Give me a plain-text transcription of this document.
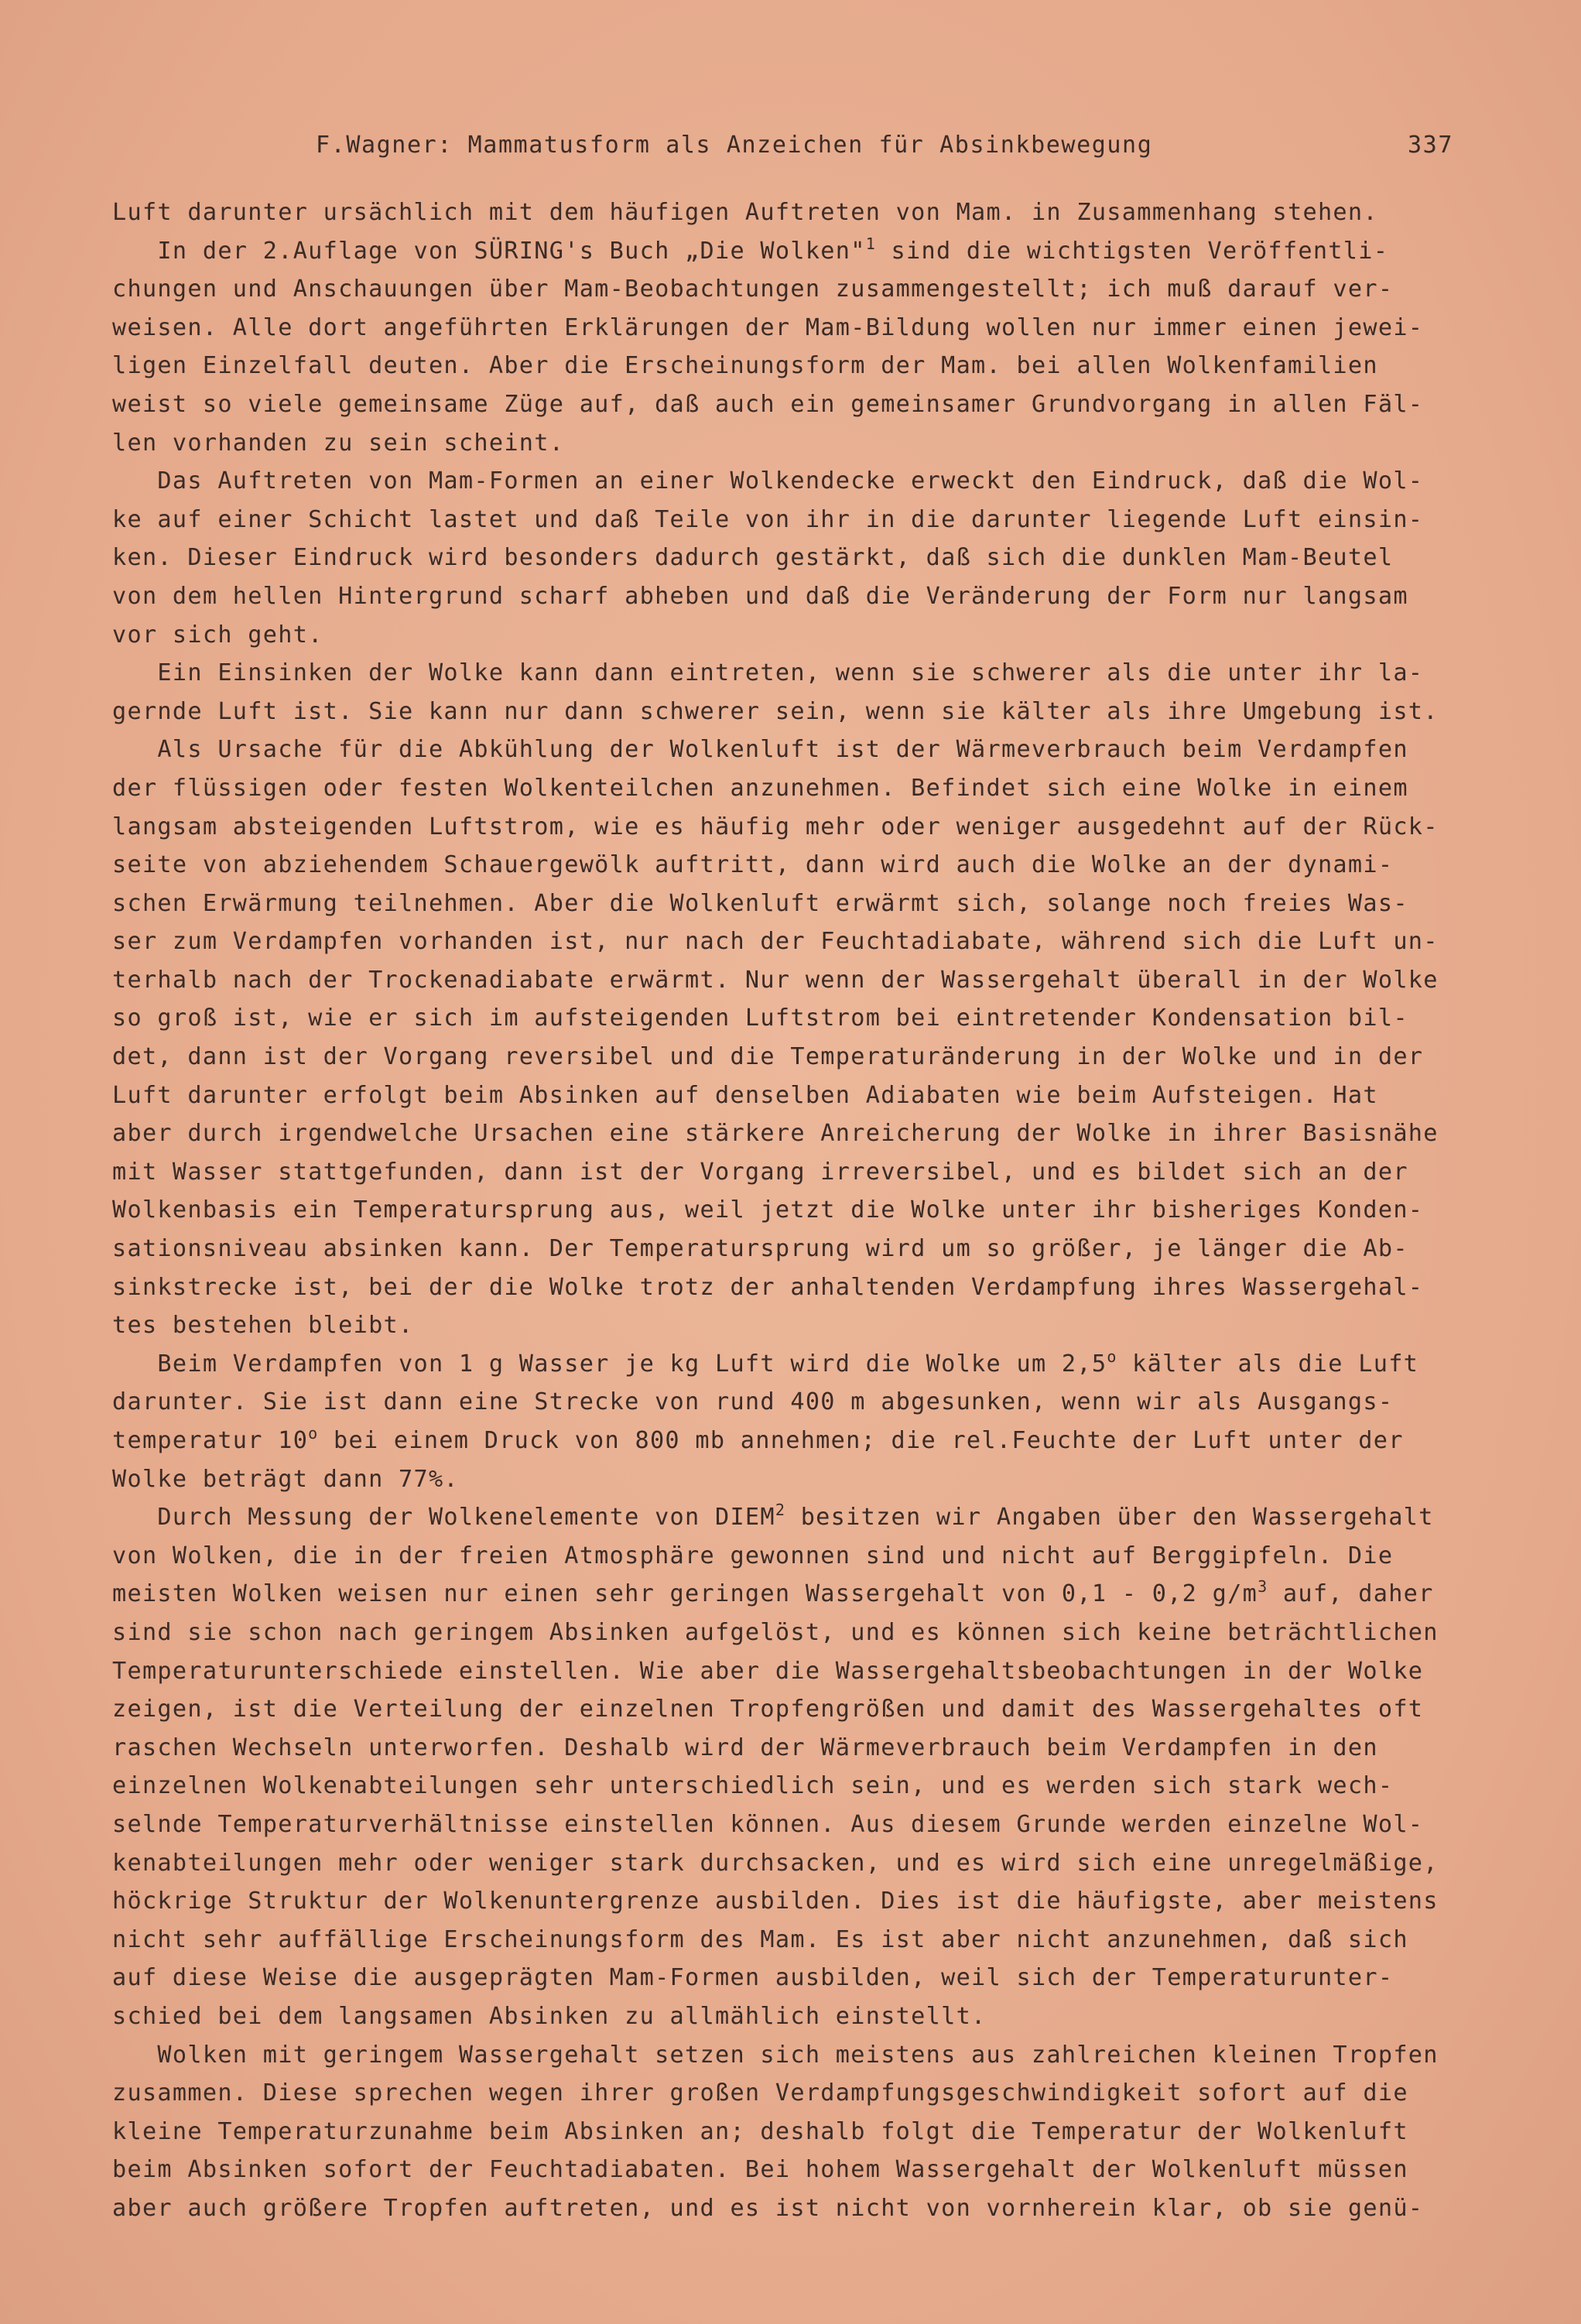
F.Wagner: Mammatusform als Anzeichen für Absinkbewegung	337
Luft darunter ursächlich mit dem häufigen Auftreten von Mam. in Zusammenhang stehen.
In der 2.Auflage von SÜRING's Buch „Die Wolken"$^1$ sind die wichtigsten Veröffentli-
chungen und Anschauungen über Mam-Beobachtungen zusammengestellt; ich muß darauf ver-
weisen. Alle dort angeführten Erklärungen der Mam-Bildung wollen nur immer einen jewei-
ligen Einzelfall deuten. Aber die Erscheinungsform der Mam. bei allen Wolkenfamilien
weist so viele gemeinsame Züge auf, daß auch ein gemeinsamer Grundvorgang in allen Fäl-
len vorhanden zu sein scheint.
Das Auftreten von Mam-Formen an einer Wolkendecke erweckt den Eindruck, daß die Wol-
ke auf einer Schicht lastet und daß Teile von ihr in die darunter liegende Luft einsin-
ken. Dieser Eindruck wird besonders dadurch gestärkt, daß sich die dunklen Mam-Beutel
von dem hellen Hintergrund scharf abheben und daß die Veränderung der Form nur langsam
vor sich geht.
Ein Einsinken der Wolke kann dann eintreten, wenn sie schwerer als die unter ihr la-
gernde Luft ist. Sie kann nur dann schwerer sein, wenn sie kälter als ihre Umgebung ist.
Als Ursache für die Abkühlung der Wolkenluft ist der Wärmeverbrauch beim Verdampfen
der flüssigen oder festen Wolkenteilchen anzunehmen. Befindet sich eine Wolke in einem
langsam absteigenden Luftstrom, wie es häufig mehr oder weniger ausgedehnt auf der Rück-
seite von abziehendem Schauergewölk auftritt, dann wird auch die Wolke an der dynami-
schen Erwärmung teilnehmen. Aber die Wolkenluft erwärmt sich, solange noch freies Was-
ser zum Verdampfen vorhanden ist, nur nach der Feuchtadiabate, während sich die Luft un-
terhalb nach der Trockenadiabate erwärmt. Nur wenn der Wassergehalt überall in der Wolke
so groß ist, wie er sich im aufsteigenden Luftstrom bei eintretender Kondensation bil-
det, dann ist der Vorgang reversibel und die Temperaturänderung in der Wolke und in der
Luft darunter erfolgt beim Absinken auf denselben Adiabaten wie beim Aufsteigen. Hat
aber durch irgendwelche Ursachen eine stärkere Anreicherung der Wolke in ihrer Basisnähe
mit Wasser stattgefunden, dann ist der Vorgang irreversibel, und es bildet sich an der
Wolkenbasis ein Temperatursprung aus, weil jetzt die Wolke unter ihr bisheriges Konden-
sationsniveau absinken kann. Der Temperatursprung wird um so größer, je länger die Ab-
sinkstrecke ist, bei der die Wolke trotz der anhaltenden Verdampfung ihres Wassergehal-
tes bestehen bleibt.
Beim Verdampfen von 1 g Wasser je kg Luft wird die Wolke um 2,5$^o$ kälter als die Luft
darunter. Sie ist dann eine Strecke von rund 400 m abgesunken, wenn wir als Ausgangs-
temperatur 10$^o$ bei einem Druck von 800 mb annehmen; die rel.Feuchte der Luft unter der
Wolke beträgt dann 77%.
Durch Messung der Wolkenelemente von DIEM$^2$ besitzen wir Angaben über den Wassergehalt
von Wolken, die in der freien Atmosphäre gewonnen sind und nicht auf Berggipfeln. Die
meisten Wolken weisen nur einen sehr geringen Wassergehalt von 0,1 - 0,2 $g/m^3$ auf, daher
sind sie schon nach geringem Absinken aufgelöst, und es können sich keine beträchtlichen
Temperaturunterschiede einstellen. Wie aber die Wassergehaltsbeobachtungen in der Wolke
zeigen, ist die Verteilung der einzelnen Tropfengrößen und damit des Wassergehaltes oft
raschen Wechseln unterworfen. Deshalb wird der Wärmeverbrauch beim Verdampfen in den
einzelnen Wolkenabteilungen sehr unterschiedlich sein, und es werden sich stark wech-
selnde Temperaturverhältnisse einstellen können. Aus diesem Grunde werden einzelne Wol-
kenabteilungen mehr oder weniger stark durchsacken, und es wird sich eine unregelmäßige,
höckrige Struktur der Wolkenuntergrenze ausbilden. Dies ist die häufigste, aber meistens
nicht sehr auffällige Erscheinungsform des Mam. Es ist aber nicht anzunehmen, daß sich
auf diese Weise die ausgeprägten Mam-Formen ausbilden, weil sich der Temperaturunter-
schied bei dem langsamen Absinken zu allmählich einstellt.
Wolken mit geringem Wassergehalt setzen sich meistens aus zahlreichen kleinen Tropfen
zusammen. Diese sprechen wegen ihrer großen Verdampfungsgeschwindigkeit sofort auf die
kleine Temperaturzunahme beim Absinken an; deshalb folgt die Temperatur der Wolkenluft
beim Absinken sofort der Feuchtadiabaten. Bei hohem Wassergehalt der Wolkenluft müssen
aber auch größere Tropfen auftreten, und es ist nicht von vornherein klar, ob sie genü-
